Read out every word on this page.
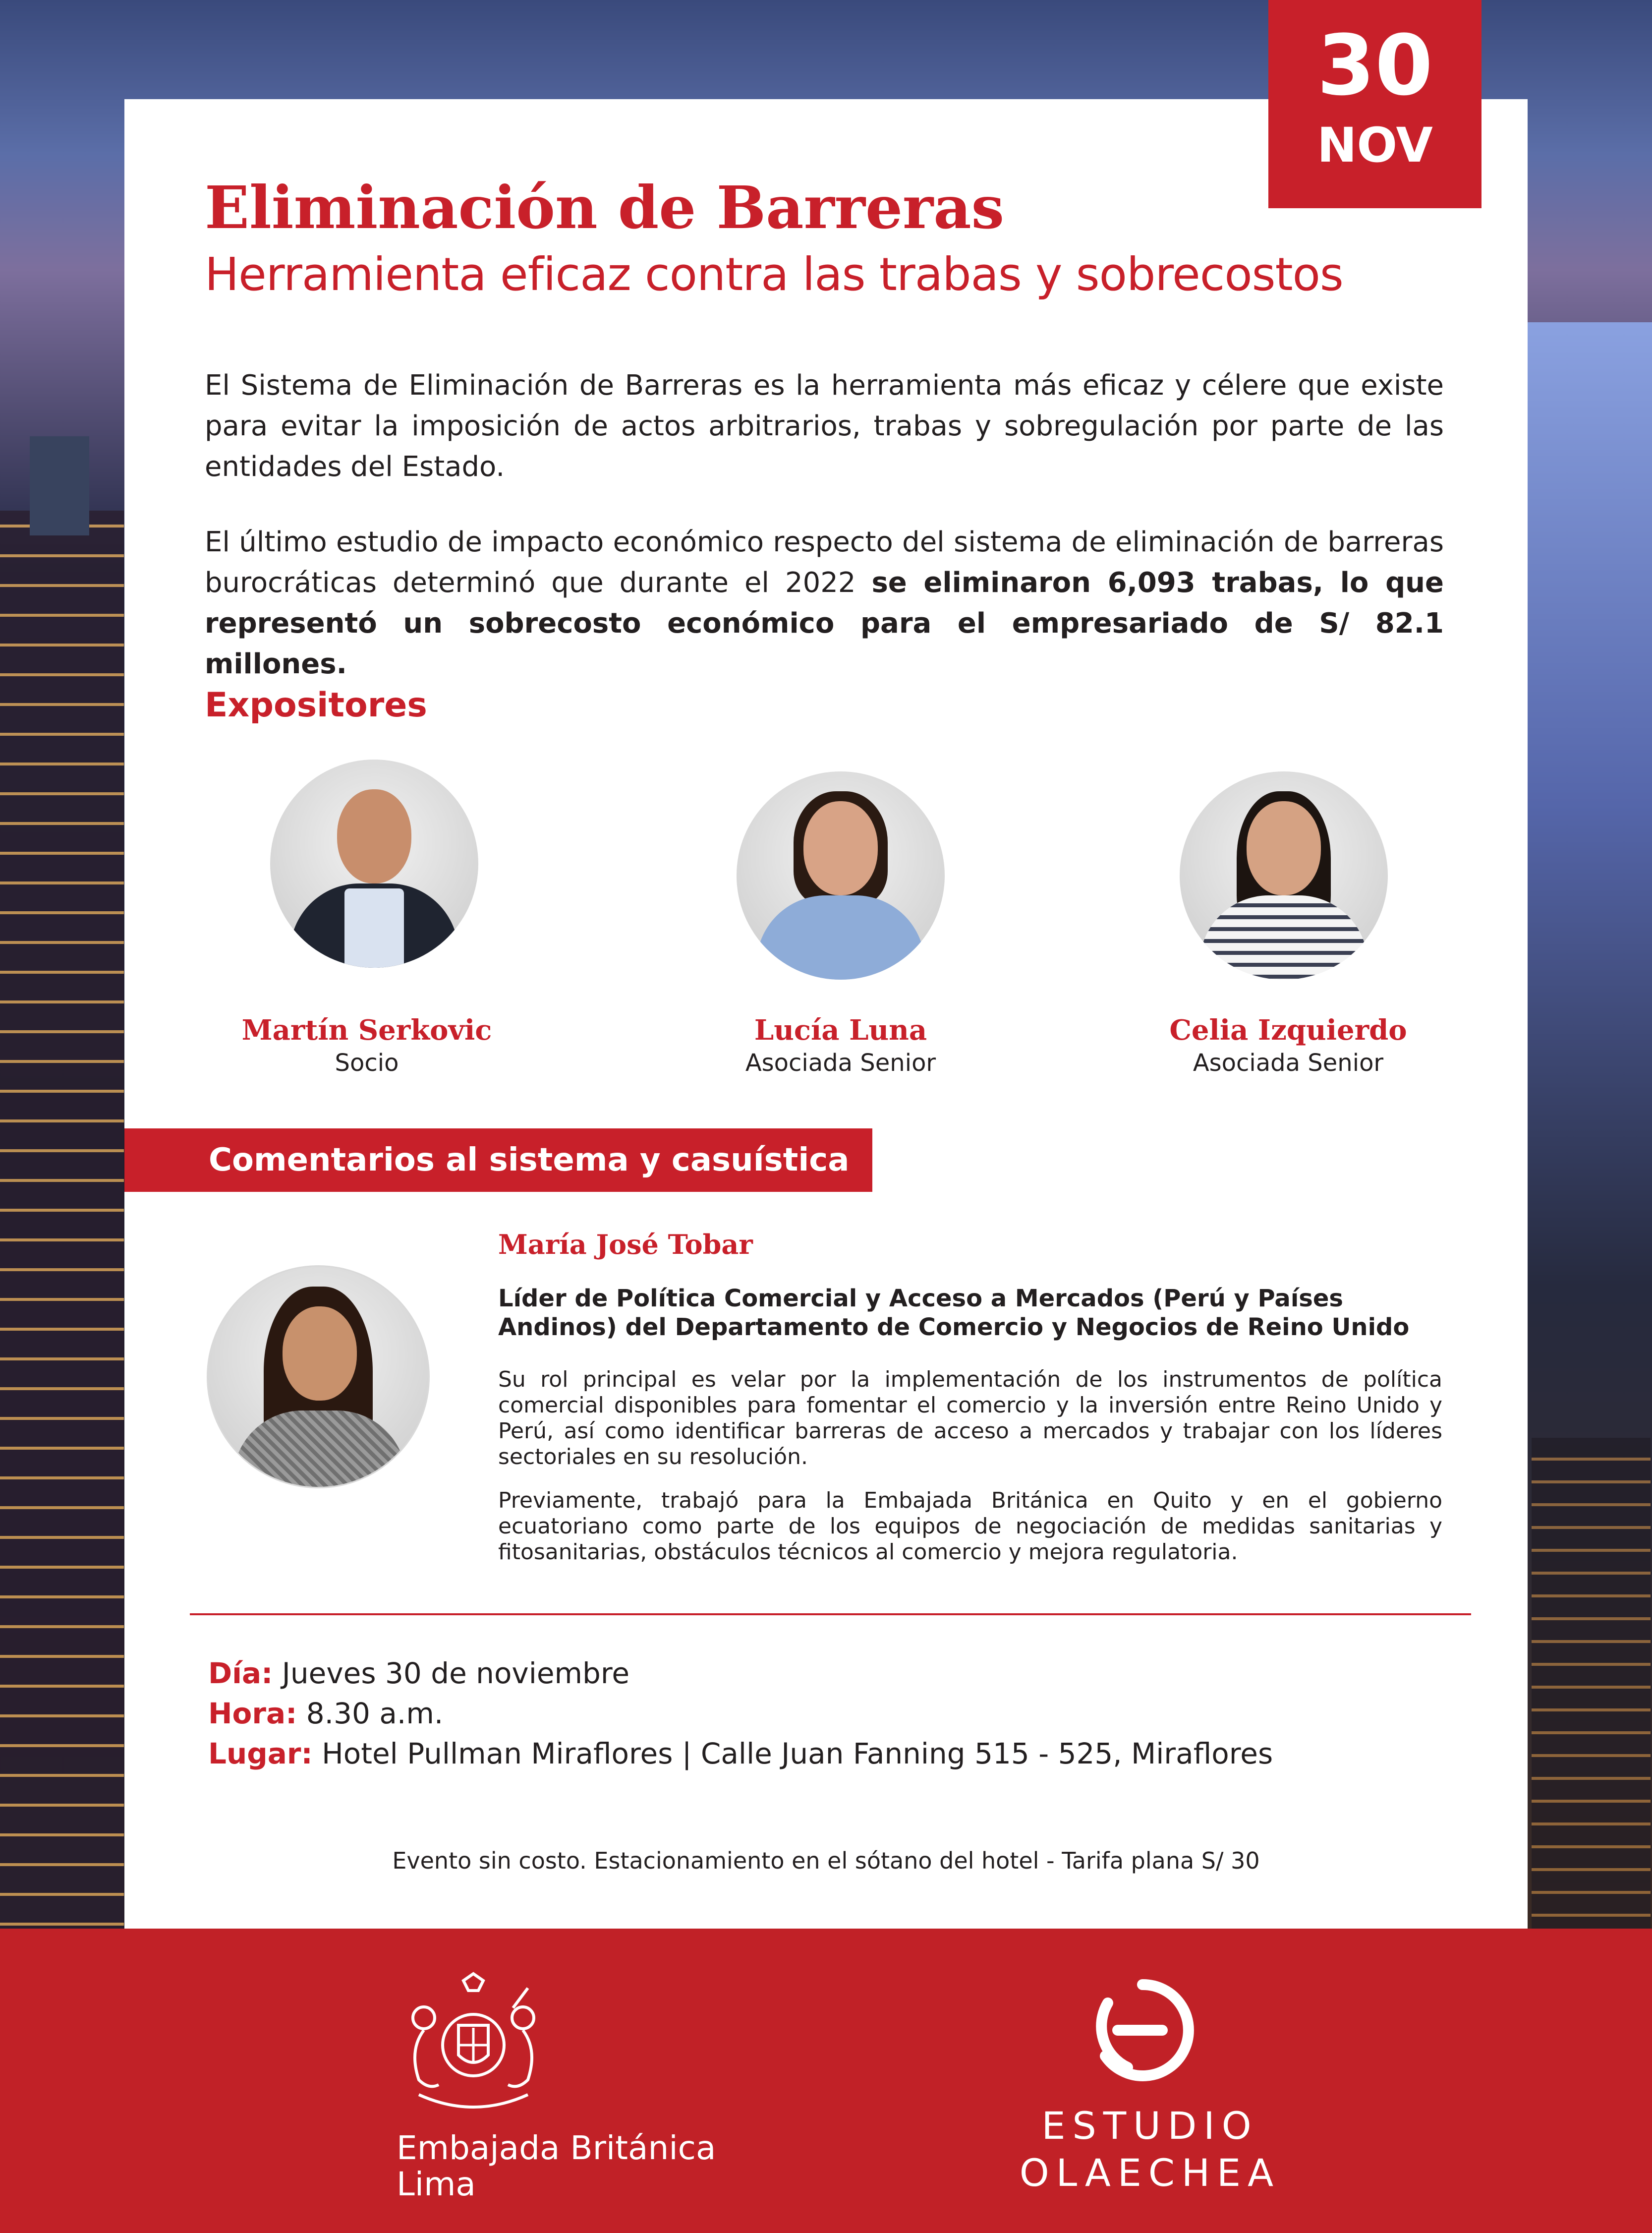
30
NOV
Eliminación de Barreras
Herramienta eficaz contra las trabas y sobrecostos
El Sistema de Eliminación de Barreras es la herramienta más eficaz y célere que existe para evitar la imposición de actos arbitrarios, trabas y sobregulación por parte de las entidades del Estado.
El último estudio de impacto económico respecto del sistema de eliminación de barreras burocráticas determinó que durante el 2022 se eliminaron 6,093 trabas, lo que representó un sobrecosto económico para el empresariado de S/ 82.1 millones.
Expositores
Martín Serkovic
Socio
Lucía Luna
Asociada Senior
Celia Izquierdo
Asociada Senior
Comentarios al sistema y casuística
María José Tobar
Líder de Política Comercial y Acceso a Mercados (Perú y Países Andinos) del Departamento de Comercio y Negocios de Reino Unido
Su rol principal es velar por la implementación de los instrumentos de política comercial disponibles para fomentar el comercio y la inversión entre Reino Unido y Perú, así como identificar barreras de acceso a mercados y trabajar con los líderes sectoriales en su resolución.
Previamente, trabajó para la Embajada Británica en Quito y en el gobierno ecuatoriano como parte de los equipos de negociación de medidas sanitarias y fitosanitarias, obstáculos técnicos al comercio y mejora regulatoria.
Día: Jueves 30 de noviembre
Hora: 8.30 a.m.
Lugar: Hotel Pullman Miraflores | Calle Juan Fanning 515 - 525, Miraflores
Evento sin costo. Estacionamiento en el sótano del hotel - Tarifa plana S/ 30
Embajada Británica
Lima
ESTUDIO
OLAECHEA
